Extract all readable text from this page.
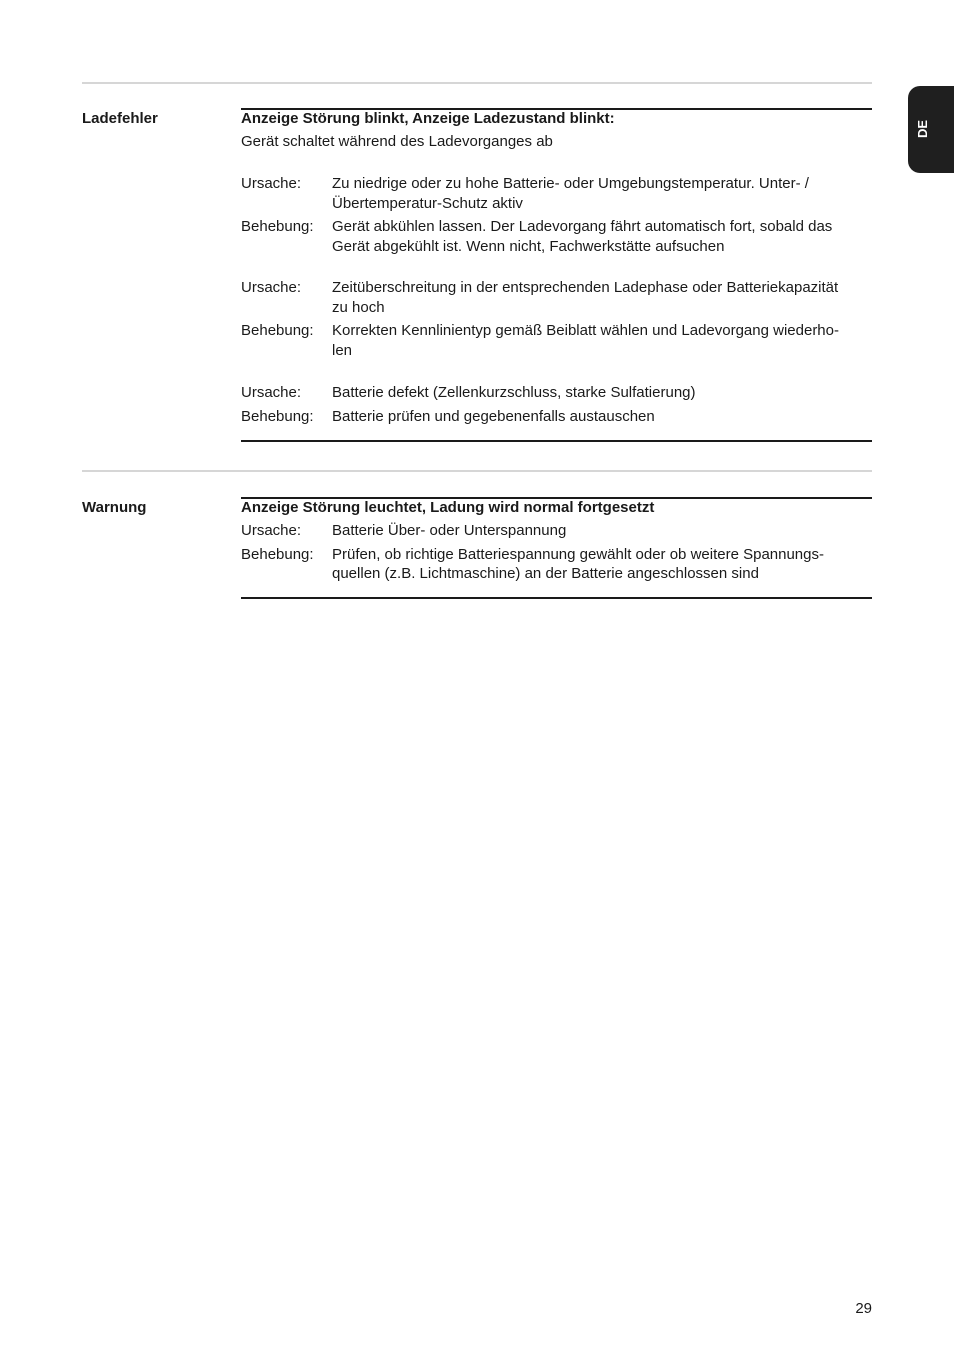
DE
Ladefehler	Anzeige Störung blinkt, Anzeige Ladezustand blinkt:
Gerät schaltet während des Ladevorganges ab
Ursache: Zu niedrige oder zu hohe Batterie- oder Umgebungstemperatur. Unter- /
Übertemperatur-Schutz aktiv
Behebung: Gerät abkühlen lassen. Der Ladevorgang fährt automatisch fort, sobald das
Gerät abgekühlt ist. Wenn nicht, Fachwerkstätte aufsuchen
Ursache: Zeitüberschreitung in der entsprechenden Ladephase oder Batteriekapazität
zu hoch
Behebung: Korrekten Kennlinientyp gemäß Beiblatt wählen und Ladevorgang wiederho-
len
Ursache: Batterie defekt (Zellenkurzschluss, starke Sulfatierung)
Behebung: Batterie prüfen und gegebenenfalls austauschen
Warnung	Anzeige Störung leuchtet, Ladung wird normal fortgesetzt
Ursache: Batterie Über- oder Unterspannung
Behebung: Prüfen, ob richtige Batteriespannung gewählt oder ob weitere Spannungs-
quellen (z.B. Lichtmaschine) an der Batterie angeschlossen sind
29
